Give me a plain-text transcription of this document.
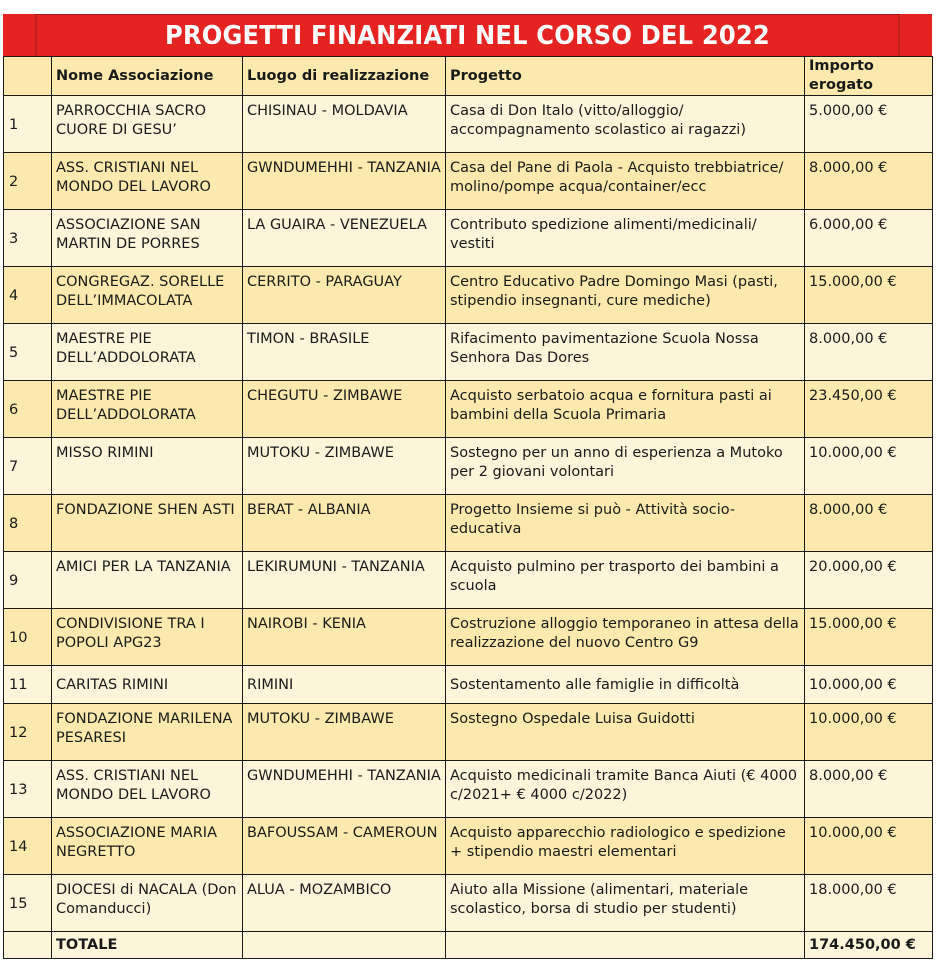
PROGETTI FINANZIATI NEL CORSO DEL 2022
	Nome Associazione	Luogo di realizzazione	Progetto	Importo erogato
1	PARROCCHIA SACRO CUORE DI GESU’	CHISINAU - MOLDAVIA	Casa di Don Italo (vitto/alloggio/ accompagnamento scolastico ai ragazzi)	5.000,00 €
2	ASS. CRISTIANI NEL MONDO DEL LAVORO	GWNDUMEHHI - TANZANIA	Casa del Pane di Paola - Acquisto trebbiatrice/ molino/pompe acqua/container/ecc	8.000,00 €
3	ASSOCIAZIONE SAN MARTIN DE PORRES	LA GUAIRA - VENEZUELA	Contributo spedizione alimenti/medicinali/ vestiti	6.000,00 €
4	CONGREGAZ. SORELLE DELL’IMMACOLATA	CERRITO - PARAGUAY	Centro Educativo Padre Domingo Masi (pasti, stipendio insegnanti, cure mediche)	15.000,00 €
5	MAESTRE PIE DELL’ADDOLORATA	TIMON - BRASILE	Rifacimento pavimentazione Scuola Nossa Senhora Das Dores	8.000,00 €
6	MAESTRE PIE DELL’ADDOLORATA	CHEGUTU - ZIMBAWE	Acquisto serbatoio acqua e fornitura pasti ai bambini della Scuola Primaria	23.450,00 €
7	MISSO RIMINI	MUTOKU - ZIMBAWE	Sostegno per un anno di esperienza a Mutoko per 2 giovani volontari	10.000,00 €
8	FONDAZIONE SHEN ASTI	BERAT - ALBANIA	Progetto Insieme si può - Attività socio-educativa	8.000,00 €
9	AMICI PER LA TANZANIA	LEKIRUMUNI - TANZANIA	Acquisto pulmino per trasporto dei bambini a scuola	20.000,00 €
10	CONDIVISIONE TRA I POPOLI APG23	NAIROBI - KENIA	Costruzione alloggio temporaneo in attesa della realizzazione del nuovo Centro G9	15.000,00 €
11	CARITAS RIMINI	RIMINI	Sostentamento alle famiglie in difficoltà	10.000,00 €
12	FONDAZIONE MARILENA PESARESI	MUTOKU - ZIMBAWE	Sostegno Ospedale Luisa Guidotti	10.000,00 €
13	ASS. CRISTIANI NEL MONDO DEL LAVORO	GWNDUMEHHI - TANZANIA	Acquisto medicinali tramite Banca Aiuti (€ 4000 c/2021+ € 4000 c/2022)	8.000,00 €
14	ASSOCIAZIONE MARIA NEGRETTO	BAFOUSSAM - CAMEROUN	Acquisto apparecchio radiologico e spedizione + stipendio maestri elementari	10.000,00 €
15	DIOCESI di NACALA (Don Comanducci)	ALUA - MOZAMBICO	Aiuto alla Missione (alimentari, materiale scolastico, borsa di studio per studenti)	18.000,00 €
	TOTALE			174.450,00 €
